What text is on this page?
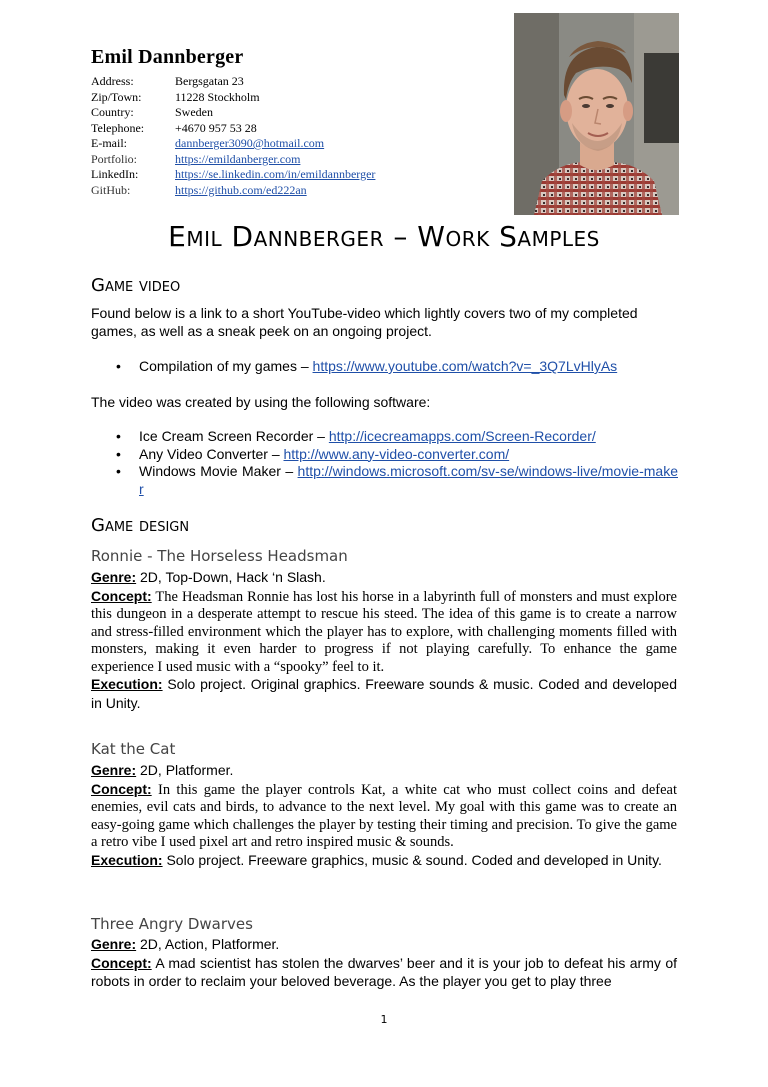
Emil Dannberger
Address:	Bergsgatan 23
Zip/Town:	11228 Stockholm
Country:	Sweden
Telephone:	+4670 957 53 28
E-mail:	dannberger3090@hotmail.com
Portfolio:	https://emildanberger.com
LinkedIn:	https://se.linkedin.com/in/emildannberger
GitHub:	https://github.com/ed222an
Emil Dannberger – Work Samples
Game video
Found below is a link to a short YouTube-video which lightly covers two of my completed games, as well as a sneak peek on an ongoing project.
• Compilation of my games – https://www.youtube.com/watch?v=_3Q7LvHlyAs
The video was created by using the following software:
• Ice Cream Screen Recorder – http://icecreamapps.com/Screen-Recorder/
• Any Video Converter – http://www.any-video-converter.com/
• Windows Movie Maker – http://windows.microsoft.com/sv-se/windows-live/movie-maker
Game design
Ronnie - The Horseless Headsman
Genre: 2D, Top-Down, Hack ‘n Slash.
Concept: The Headsman Ronnie has lost his horse in a labyrinth full of monsters and must explore this dungeon in a desperate attempt to rescue his steed. The idea of this game is to create a narrow and stress-filled environment which the player has to explore, with challenging moments filled with monsters, making it even harder to progress if not playing carefully. To enhance the game experience I used music with a “spooky” feel to it.
Execution: Solo project. Original graphics. Freeware sounds & music. Coded and developed in Unity.
Kat the Cat
Genre: 2D, Platformer.
Concept: In this game the player controls Kat, a white cat who must collect coins and defeat enemies, evil cats and birds, to advance to the next level. My goal with this game was to create an easy-going game which challenges the player by testing their timing and precision. To give the game a retro vibe I used pixel art and retro inspired music & sounds.
Execution: Solo project. Freeware graphics, music & sound. Coded and developed in Unity.
Three Angry Dwarves
Genre: 2D, Action, Platformer.
Concept: A mad scientist has stolen the dwarves’ beer and it is your job to defeat his army of robots in order to reclaim your beloved beverage. As the player you get to play three
1
